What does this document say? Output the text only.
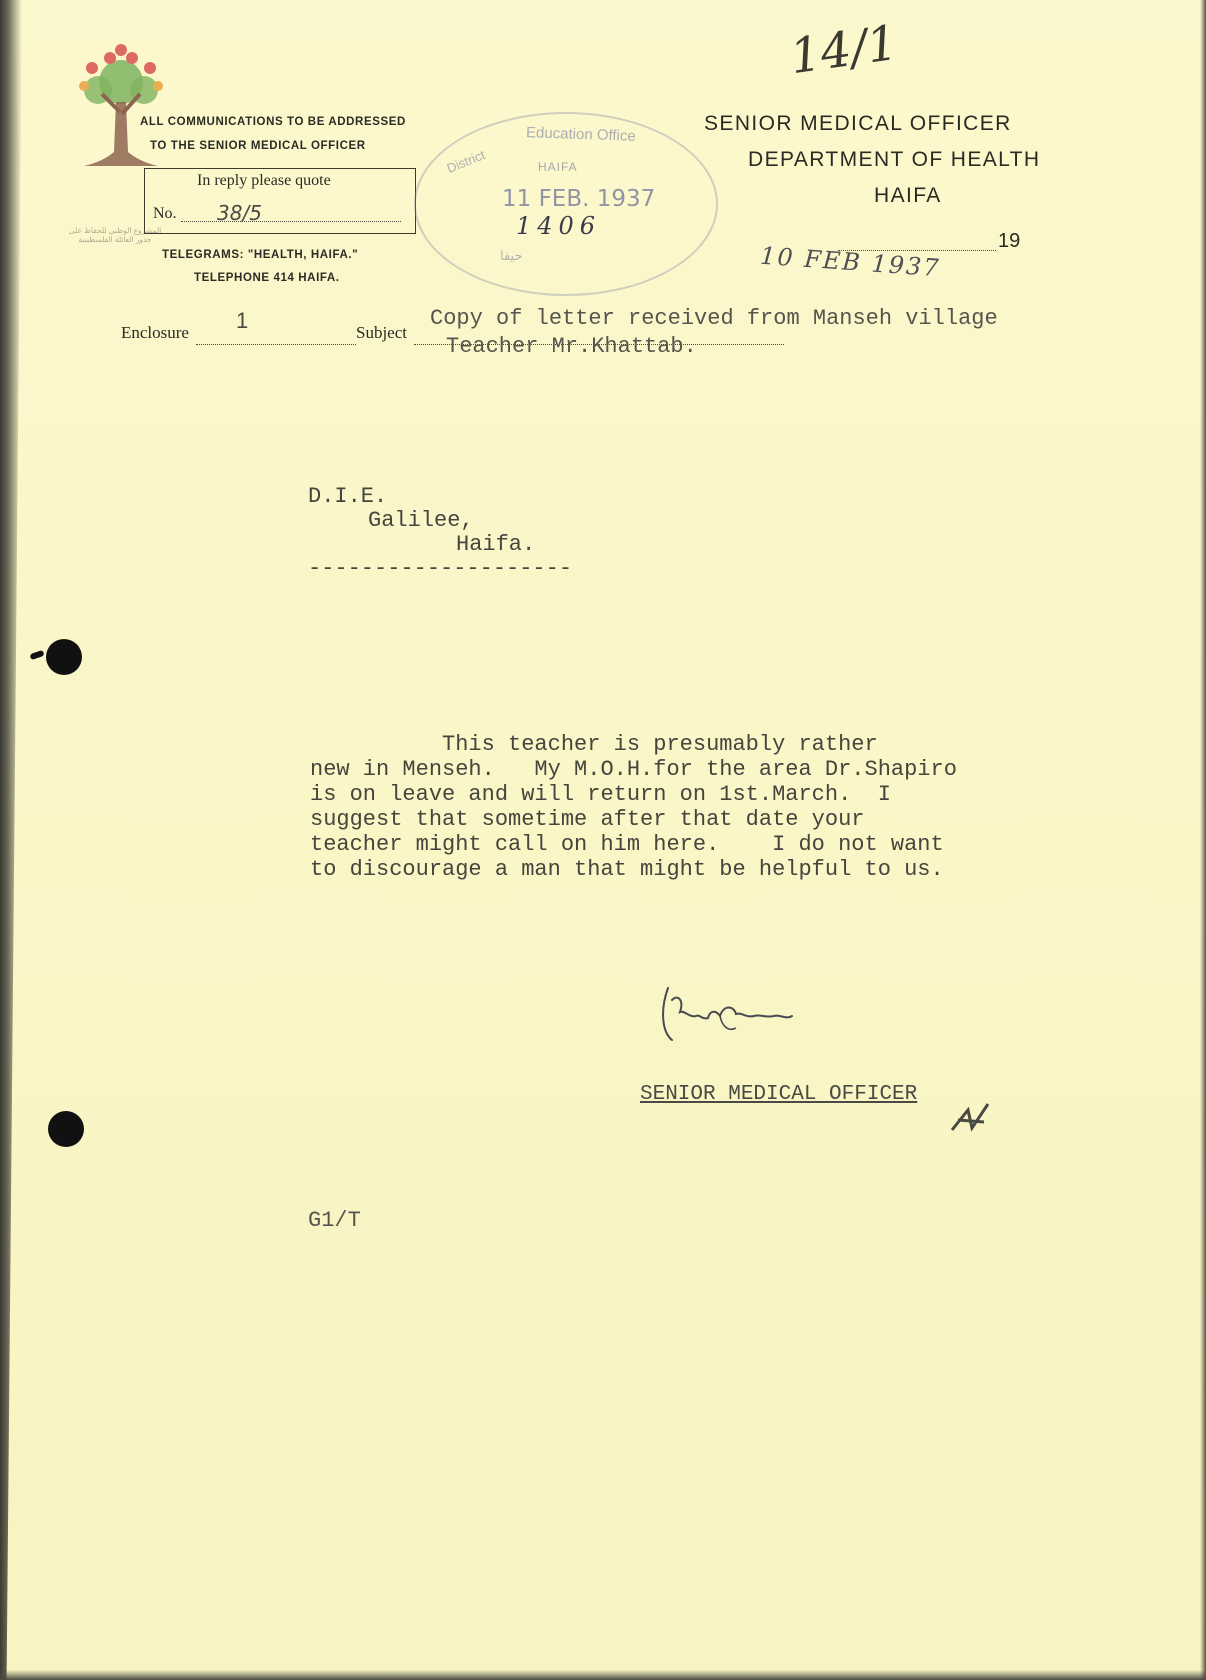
المشروع الوطني للحفاظ على
جذور العائلة الفلسطينية

ALL COMMUNICATIONS TO BE ADDRESSED

TO THE SENIOR MEDICAL OFFICER

In reply please quote
No. 38/5
TELEGRAMS: "HEALTH, HAIFA."
TELEPHONE 414 HAIFA.
District
Education Office
HAIFA
11 FEB. 1937
1406
حيفا
14/1
SENIOR MEDICAL OFFICER
DEPARTMENT OF HEALTH
HAIFA
19
10 FEB 1937
Enclosure 1	Subject
Copy of letter received from Manseh village
Teacher Mr.Khattab.
D.I.E.
Galilee,
Haifa.
--------------------
This teacher is presumably rather
new in Menseh.   My M.O.H.for the area Dr.Shapiro
is on leave and will return on 1st.March.  I
suggest that sometime after that date your
teacher might call on him here.    I do not want
to discourage a man that might be helpful to us.
SENIOR MEDICAL OFFICER
G1/T
